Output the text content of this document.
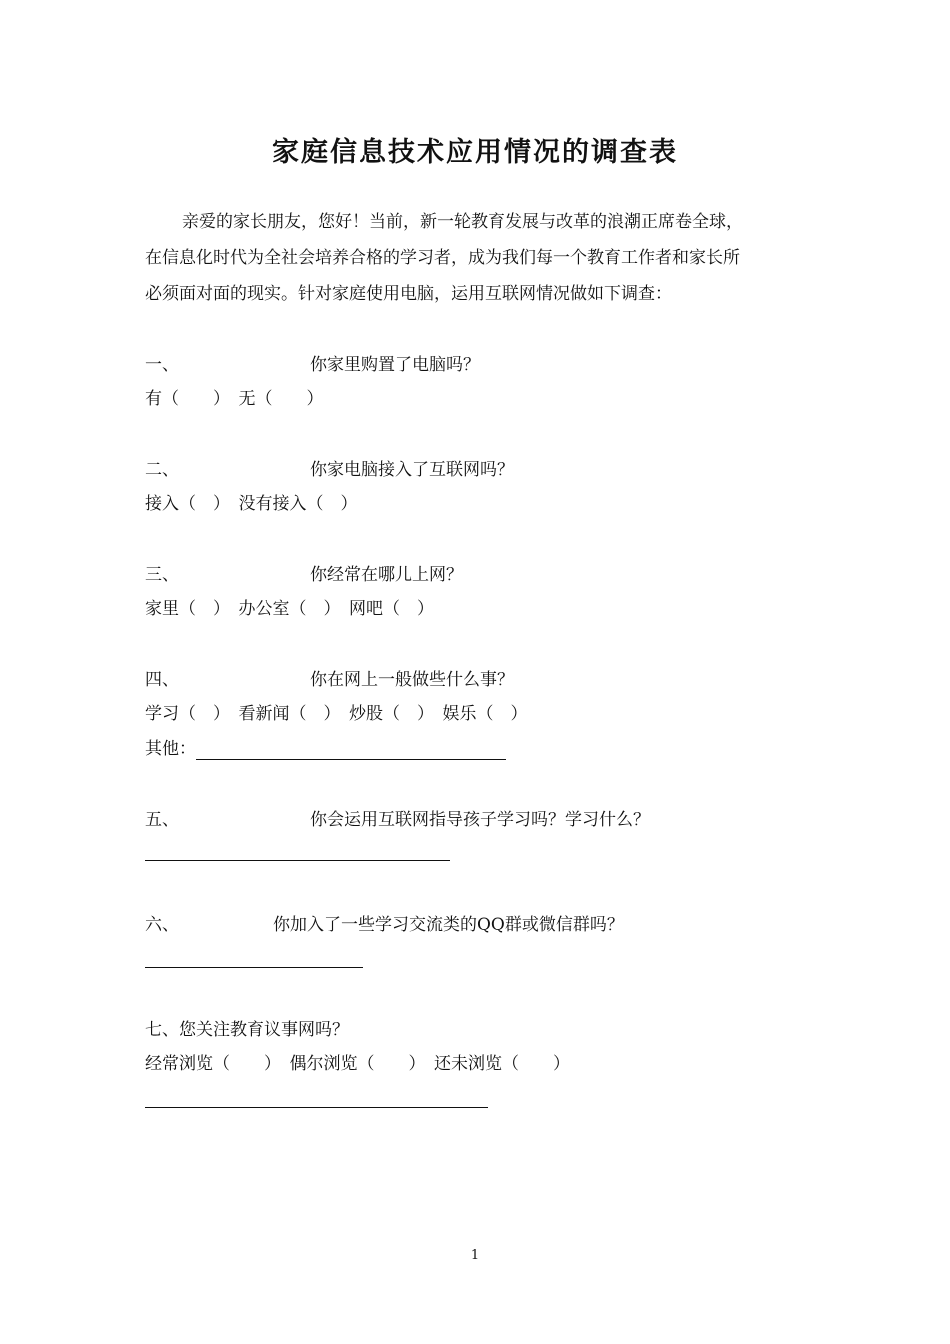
家庭信息技术应用情况的调查表

亲爱的家长朋友，您好！当前，新一轮教育发展与改革的浪潮正席卷全球，

在信息化时代为全社会培养合格的学习者，成为我们每一个教育工作者和家长所

必须面对面的现实。针对家庭使用电脑，运用互联网情况做如下调查：

一、	你家里购置了电脑吗？
有（　　）　无（　　）
二、	你家电脑接入了互联网吗？
接入（　）　没有接入（　）
三、	你经常在哪儿上网？
家里（　）　办公室（　）　网吧（　）
四、	你在网上一般做些什么事？
学习（　）　看新闻（　）　炒股（　）　娱乐（　）
其他：
五、	你会运用互联网指导孩子学习吗？学习什么？
六、	你加入了一些学习交流类的QQ群或微信群吗？
七、您关注教育议事网吗？
经常浏览（　　）　偶尔浏览（　　）　还未浏览（　　）
1
